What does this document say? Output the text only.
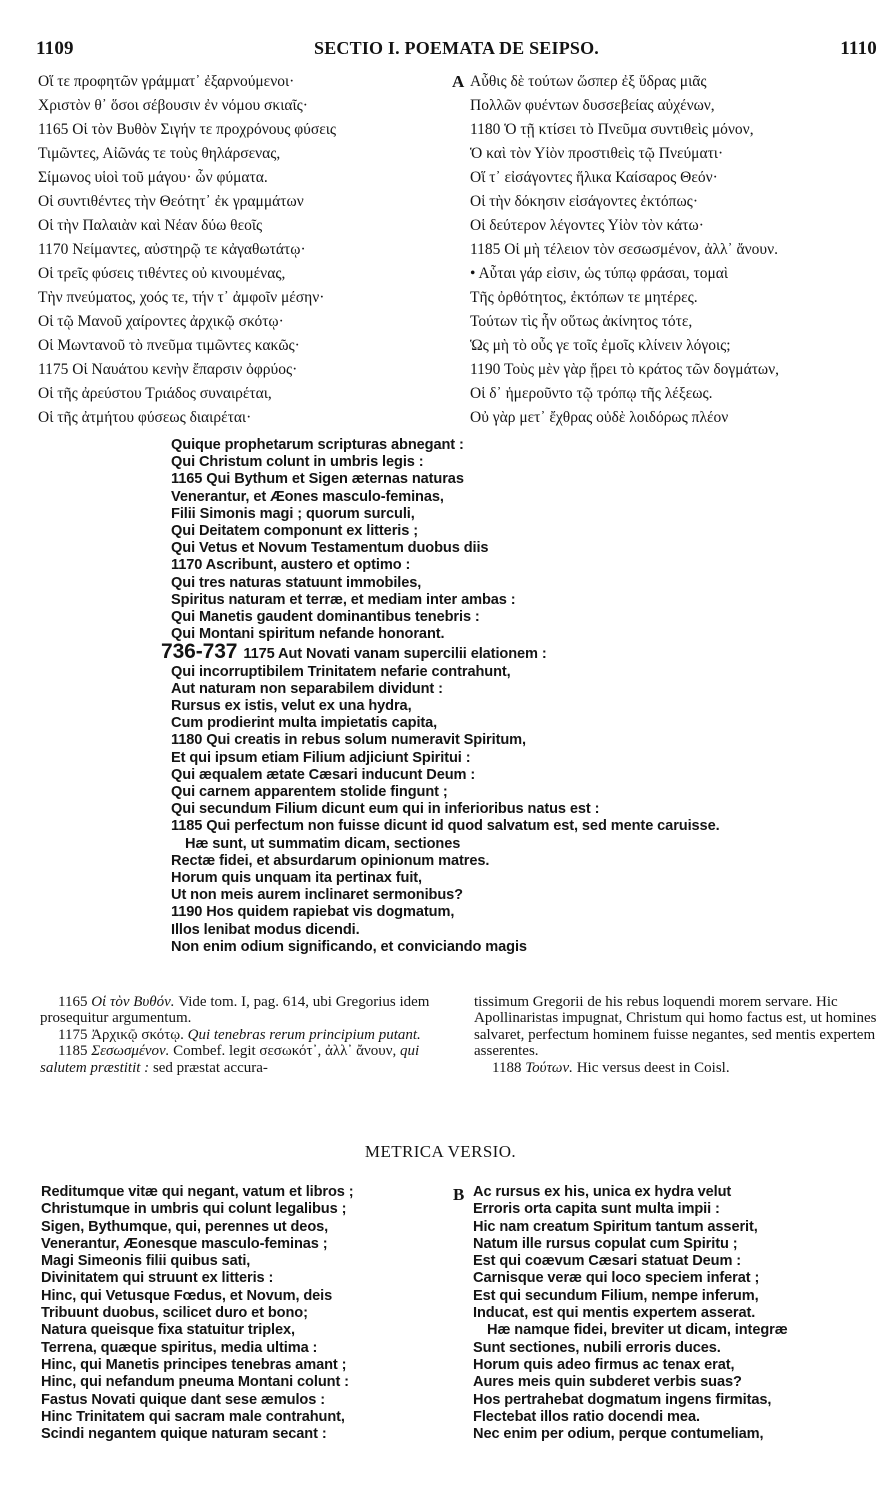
1109	SECTIO I. POEMATA DE SEIPSO.	1110
Οἵ τε προφητῶν γράμματ᾽ ἐξαρνούμενοι·
Χριστὸν θ᾽ ὅσοι σέβουσιν ἐν νόμου σκιαῖς·
1165 Οἱ τὸν Βυθὸν Σιγήν τε προχρόνους φύσεις
Τιμῶντες, Αἰῶνάς τε τοὺς θηλάρσενας,
Σίμωνος υἱοὶ τοῦ μάγου· ὧν φύματα.
Οἱ συντιθέντες τὴν Θεότητ᾽ ἐκ γραμμάτων
Οἱ τὴν Παλαιὰν καὶ Νέαν δύω θεοῖς
1170 Νείμαντες, αὐστηρῷ τε κἀγαθωτάτῳ·
Οἱ τρεῖς φύσεις τιθέντες οὐ κινουμένας,
Τὴν πνεύματος, χοός τε, τήν τ᾽ ἀμφοῖν μέσην·
Οἱ τῷ Μανοῦ χαίροντες ἀρχικῷ σκότῳ·
Οἱ Μωντανοῦ τὸ πνεῦμα τιμῶντες κακῶς·
1175 Οἱ Ναυάτου κενὴν ἔπαρσιν ὀφρύος·
Οἱ τῆς ἀρεύστου Τριάδος συναιρέται,
Οἱ τῆς ἀτμήτου φύσεως διαιρέται·
A Αὖθις δὲ τούτων ὥσπερ ἐξ ὕδρας μιᾶς
Πολλῶν φυέντων δυσσεβείας αὐχένων,
1180 Ὁ τῇ κτίσει τὸ Πνεῦμα συντιθεὶς μόνον,
Ὁ καὶ τὸν Υἱὸν προστιθεὶς τῷ Πνεύματι·
Οἵ τ᾽ εἰσάγοντες ἥλικα Καίσαρος Θεόν·
Οἱ τὴν δόκησιν εἰσάγοντες ἐκτόπως·
Οἱ δεύτερον λέγοντες Υἱὸν τὸν κάτω·
1185 Οἱ μὴ τέλειον τὸν σεσωσμένον, ἀλλ᾽ ἄνουν.
• Αὗται γάρ εἰσιν, ὡς τύπῳ φράσαι, τομαὶ
Τῆς ὀρθότητος, ἐκτόπων τε μητέρες.
Τούτων τὶς ἦν οὕτως ἀκίνητος τότε,
Ὡς μὴ τὸ οὖς γε τοῖς ἐμοῖς κλίνειν λόγοις;
1190 Τοὺς μὲν γὰρ ᾕρει τὸ κράτος τῶν δογμάτων,
Οἱ δ᾽ ἡμεροῦντο τῷ τρόπῳ τῆς λέξεως.
Οὐ γὰρ μετ᾽ ἔχθρας οὐδὲ λοιδόρως πλέον
Quique prophetarum scripturas abnegant :
Qui Christum colunt in umbris legis :
1165 Qui Bythum et Sigen æternas naturas
Venerantur, et Æones masculo-feminas,
Filii Simonis magi ; quorum surculi,
Qui Deitatem componunt ex litteris ;
Qui Vetus et Novum Testamentum duobus diis
1170 Ascribunt, austero et optimo :
Qui tres naturas statuunt immobiles,
Spiritus naturam et terræ, et mediam inter ambas :
Qui Manetis gaudent dominantibus tenebris :
Qui Montani spiritum nefande honorant.
736-737 1175 Aut Novati vanam supercilii elationem :
Qui incorruptibilem Trinitatem nefarie contrahunt,
Aut naturam non separabilem dividunt :
Rursus ex istis, velut ex una hydra,
Cum prodierint multa impietatis capita,
1180 Qui creatis in rebus solum numeravit Spiritum,
Et qui ipsum etiam Filium adjiciunt Spiritui :
Qui æqualem ætate Cæsari inducunt Deum :
Qui carnem apparentem stolide fingunt ;
Qui secundum Filium dicunt eum qui in inferioribus natus est :
1185 Qui perfectum non fuisse dicunt id quod salvatum est, sed mente caruisse.
Hæ sunt, ut summatim dicam, sectiones
Rectæ fidei, et absurdarum opinionum matres.
Horum quis unquam ita pertinax fuit,
Ut non meis aurem inclinaret sermonibus?
1190 Hos quidem rapiebat vis dogmatum,
Illos lenibat modus dicendi.
Non enim odium significando, et conviciando magis

1165 Οἱ τὸν Βυθόν. Vide tom. I, pag. 614, ubi Gregorius idem prosequitur argumentum.

1175 Ἀρχικῷ σκότῳ. Qui tenebras rerum principium putant.

1185 Σεσωσμένον. Combef. legit σεσωκότ᾽, ἀλλ᾽ ἄνουν, qui salutem præstitit : sed præstat accura-

tissimum Gregorii de his rebus loquendi morem servare. Hic Apollinaristas impugnat, Christum qui homo factus est, ut homines salvaret, perfectum hominem fuisse negantes, sed mentis expertem asserentes.

1188 Τούτων. Hic versus deest in Coisl.

METRICA VERSIO.
Reditumque vitæ qui negant, vatum et libros ;
Christumque in umbris qui colunt legalibus ;
Sigen, Bythumque, qui, perennes ut deos,
Venerantur, Æonesque masculo-feminas ;
Magi Simeonis filii quibus sati,
Divinitatem qui struunt ex litteris :
Hinc, qui Vetusque Fœdus, et Novum, deis
Tribuunt duobus, scilicet duro et bono;
Natura queisque fixa statuitur triplex,
Terrena, quæque spiritus, media ultima :
Hinc, qui Manetis principes tenebras amant ;
Hinc, qui nefandum pneuma Montani colunt :
Fastus Novati quique dant sese æmulos :
Hinc Trinitatem qui sacram male contrahunt,
Scindi negantem quique naturam secant :
B Ac rursus ex his, unica ex hydra velut
Erroris orta capita sunt multa impii :
Hic nam creatum Spiritum tantum asserit,
Natum ille rursus copulat cum Spiritu ;
Est qui coævum Cæsari statuat Deum :
Carnisque veræ qui loco speciem inferat ;
Est qui secundum Filium, nempe inferum,
Inducat, est qui mentis expertem asserat.
Hæ namque fidei, breviter ut dicam, integræ
Sunt sectiones, nubili erroris duces.
Horum quis adeo firmus ac tenax erat,
Aures meis quin subderet verbis suas?
Hos pertrahebat dogmatum ingens firmitas,
Flectebat illos ratio docendi mea.
Nec enim per odium, perque contumeliam,
